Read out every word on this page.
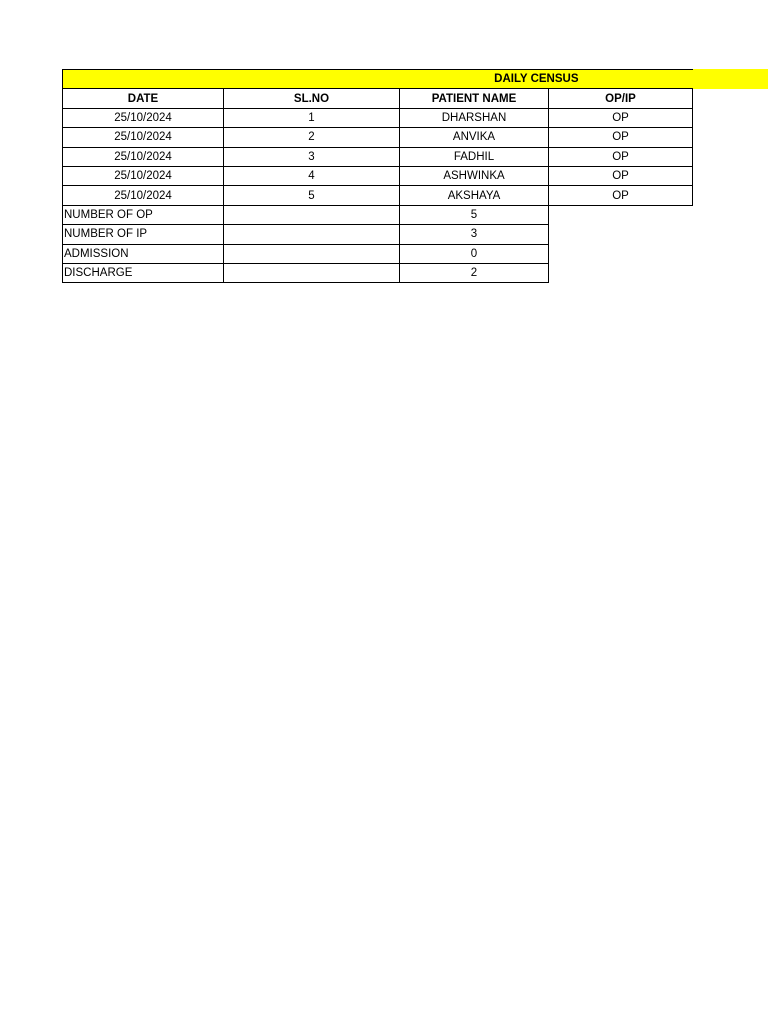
DAILY CENSUS			
DATE	SL.NO	PATIENT NAME	OP/IP
25/10/2024	1	DHARSHAN	OP
25/10/2024	2	ANVIKA	OP
25/10/2024	3	FADHIL	OP
25/10/2024	4	ASHWINKA	OP
25/10/2024	5	AKSHAYA	OP
NUMBER OF OP		5	
NUMBER OF IP		3	
ADMISSION		0	
DISCHARGE		2	
